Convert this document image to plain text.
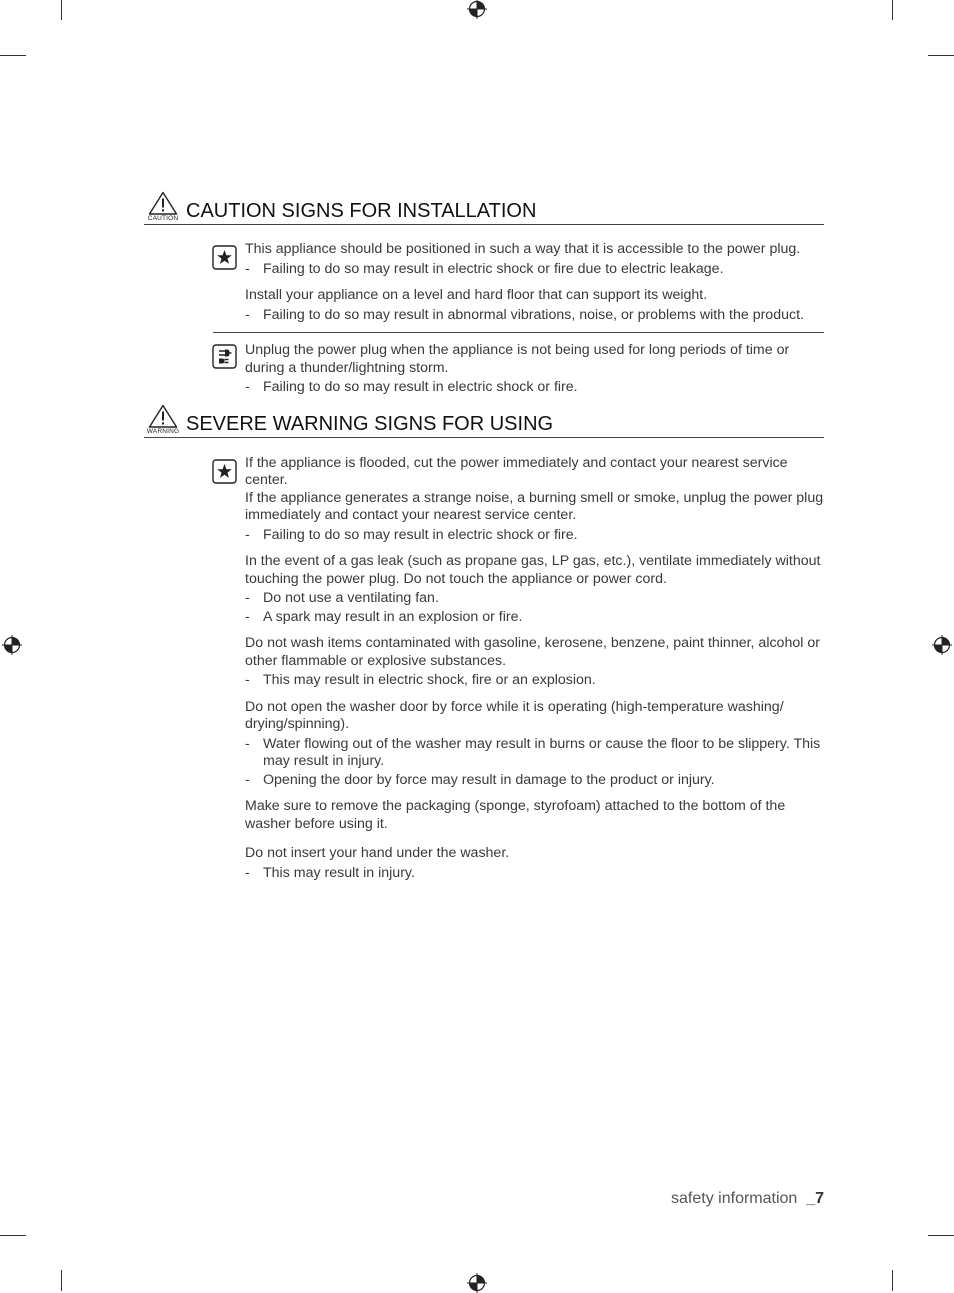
CAUTION CAUTION SIGNS FOR INSTALLATION

This appliance should be positioned in such a way that it is accessible to the power plug.

- Failing to do so may result in electric shock or fire due to electric leakage.

Install your appliance on a level and hard floor that can support its weight.

- Failing to do so may result in abnormal vibrations, noise, or problems with the product.

Unplug the power plug when the appliance is not being used for long periods of time or during a thunder/lightning storm.

- Failing to do so may result in electric shock or fire.

WARNING SEVERE WARNING SIGNS FOR USING

If the appliance is flooded, cut the power immediately and contact your nearest service center.

If the appliance generates a strange noise, a burning smell or smoke, unplug the power plug immediately and contact your nearest service center.

- Failing to do so may result in electric shock or fire.

In the event of a gas leak (such as propane gas, LP gas, etc.), ventilate immediately without touching the power plug. Do not touch the appliance or power cord.

- Do not use a ventilating fan.

- A spark may result in an explosion or fire.

Do not wash items contaminated with gasoline, kerosene, benzene, paint thinner, alcohol or other flammable or explosive substances.

- This may result in electric shock, fire or an explosion.

Do not open the washer door by force while it is operating (high-temperature washing/ drying/spinning).

- Water flowing out of the washer may result in burns or cause the floor to be slippery. This may result in injury.

- Opening the door by force may result in damage to the product or injury.

Make sure to remove the packaging (sponge, styrofoam) attached to the bottom of the washer before using it.

Do not insert your hand under the washer.

- This may result in injury.

safety information _7
